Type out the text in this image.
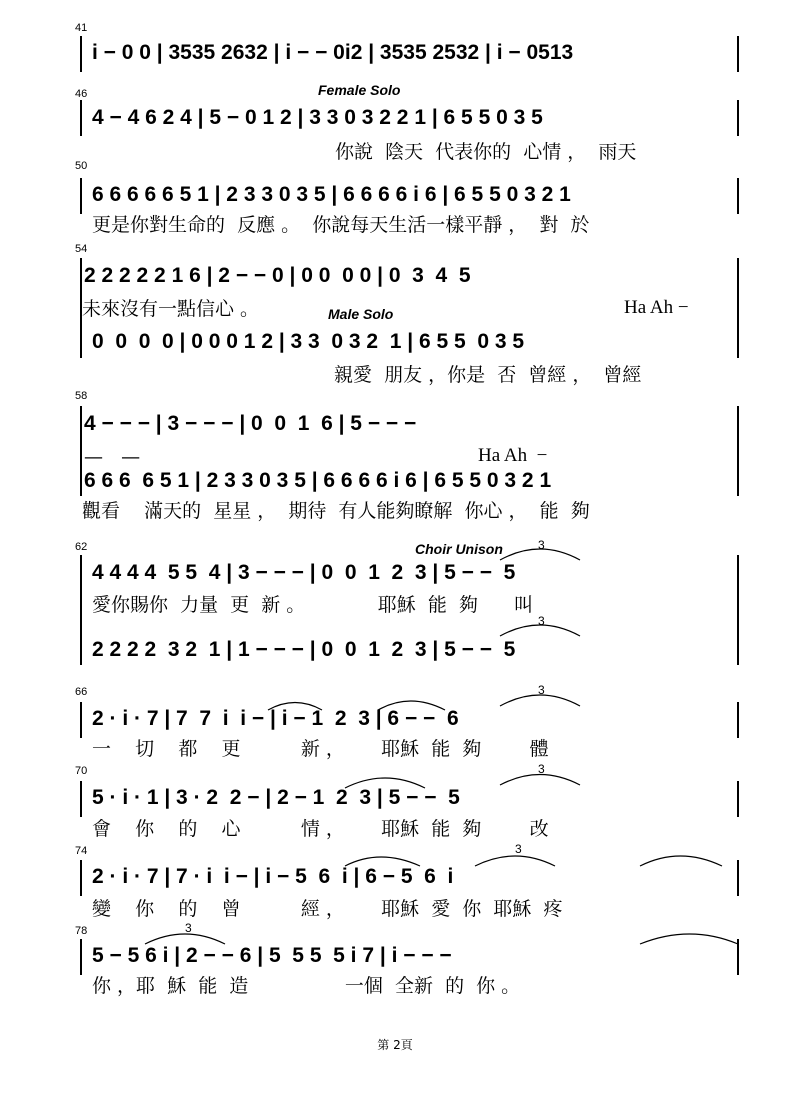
41
i − 0 0 | 3535 2632 | i − − 0i2 | 3535 2532 | i − 0513
46	Female Solo
4 − 4 6 2 4 | 5 − 0 1 2 | 3 3 0 3 2 2 1 | 6 5 5 0 3 5
你說  陰天  代表你的  心情 ，  雨天
50
6 6 6 6 6 5 1 | 2 3 3 0 3 5 | 6 6 6 6 i 6 | 6 5 5 0 3 2 1
更是你對生命的  反應 。  你說每天生活一樣平靜 ，  對  於
54
2 2 2 2 2 1 6 | 2 − − 0 | 0 0  0 0 | 0  3  4  5
未來沒有一點信心 。	Ha Ah −
Male Solo
0  0  0  0 | 0 0 0 1 2 | 3 3  0 3 2  1 | 6 5 5  0 3 5
親愛  朋友 ，你是  否  曾經 ，  曾經
58
4 − − − | 3 − − − | 0  0  1  6 | 5 − − −
—   —	Ha Ah  −
6 6 6  6 5 1 | 2 3 3 0 3 5 | 6 6 6 6 i 6 | 6 5 5 0 3 2 1
觀看    滿天的  星星 ，  期待  有人能夠瞭解  你心 ，  能  夠
62	Choir Unison
4 4 4 4  5 5  4 | 3 − − − | 0  0  1  2  3 | 5 − −  5
愛你賜你  力量  更  新 。            耶穌  能  夠      叫
2 2 2 2  3 2  1 | 1 − − − | 0  0  1  2  3 | 5 − −  5
66
2 · i · 7 | 7  7  i  i − | i − 1  2  3 | 6 − −  6
一    切    都    更          新 ，      耶穌  能  夠        體
70
5 · i · 1 | 3 · 2  2 − | 2 − 1  2  3 | 5 − −  5
會    你    的    心          情 ，      耶穌  能  夠        改
74
2 · i · 7 | 7 · i  i − | i − 5  6  i | 6 − 5  6  i
變    你    的    曾          經 ，      耶穌  愛  你  耶穌  疼
78
5 − 5 6 i | 2 − − 6 | 5  5 5  5 i 7 | i − − −
你 ，耶  穌  能  造                一個  全新  的  你 。
3
3
3
3
3
3
第 2頁
